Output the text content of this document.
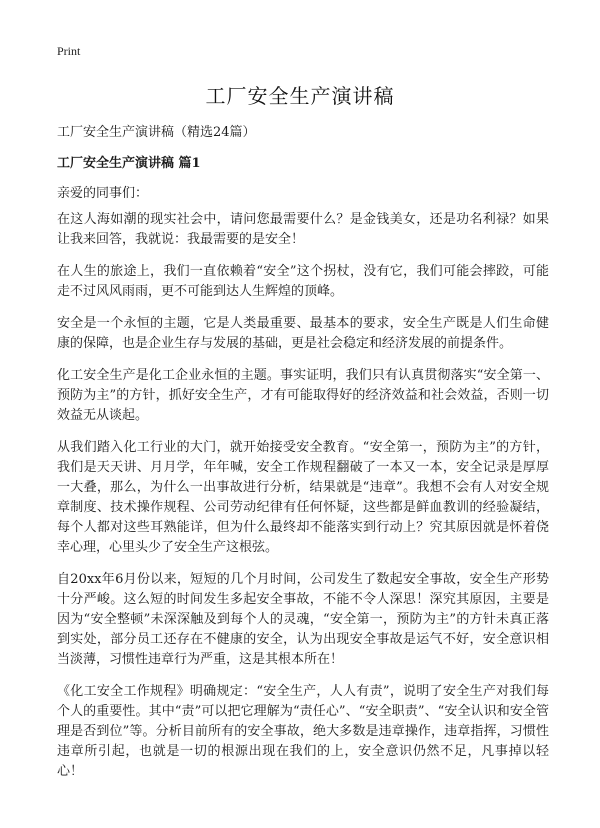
Print
工厂安全生产演讲稿

工厂安全生产演讲稿（精选24篇）

工厂安全生产演讲稿 篇1

亲爱的同事们：

在这人海如潮的现实社会中，请问您最需要什么？是金钱美女，还是功名利禄？如果让我来回答，我就说：我最需要的是安全！

在人生的旅途上，我们一直依赖着“安全”这个拐杖，没有它，我们可能会摔跤，可能走不过风风雨雨，更不可能到达人生辉煌的顶峰。

安全是一个永恒的主题，它是人类最重要、最基本的要求，安全生产既是人们生命健康的保障，也是企业生存与发展的基础，更是社会稳定和经济发展的前提条件。

化工安全生产是化工企业永恒的主题。事实证明，我们只有认真贯彻落实“安全第一、预防为主”的方针，抓好安全生产，才有可能取得好的经济效益和社会效益，否则一切效益无从谈起。

从我们踏入化工行业的大门，就开始接受安全教育。“安全第一，预防为主”的方针，我们是天天讲、月月学，年年喊，安全工作规程翻破了一本又一本，安全记录是厚厚一大叠，那么，为什么一出事故进行分析，结果就是“违章”。我想不会有人对安全规章制度、技术操作规程、公司劳动纪律有任何怀疑，这些都是鲜血教训的经验凝结，每个人都对这些耳熟能详，但为什么最终却不能落实到行动上？究其原因就是怀着侥幸心理，心里头少了安全生产这根弦。

自20xx年6月份以来，短短的几个月时间，公司发生了数起安全事故，安全生产形势十分严峻。这么短的时间发生多起安全事故，不能不令人深思！深究其原因，主要是因为“安全整顿”未深深触及到每个人的灵魂，“安全第一，预防为主”的方针未真正落到实处，部分员工还存在不健康的安全，认为出现安全事故是运气不好，安全意识相当淡薄，习惯性违章行为严重，这是其根本所在！

《化工安全工作规程》明确规定：“安全生产，人人有责”，说明了安全生产对我们每个人的重要性。其中“责”可以把它理解为“责任心”、“安全职责”、“安全认识和安全管理是否到位”等。分析目前所有的安全事故，绝大多数是违章操作，违章指挥，习惯性违章所引起，也就是一切的根源出现在我们的上，安全意识仍然不足，凡事掉以轻心！
